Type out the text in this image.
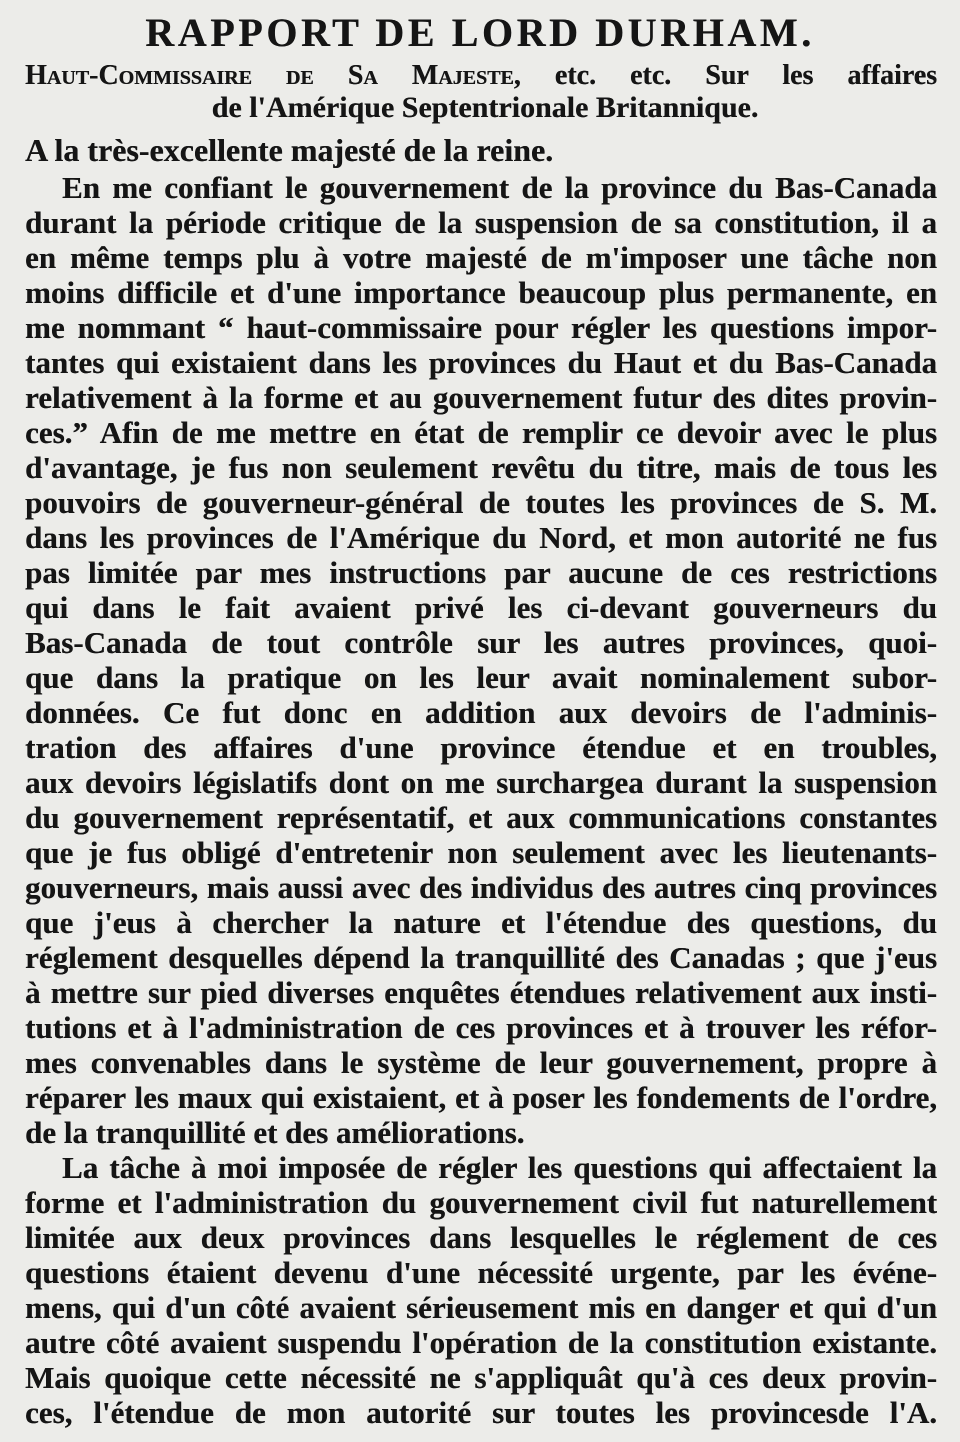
RAPPORT DE LORD DURHAM.
Haut-Commissaire de Sa Majeste, etc. etc. Sur les affaires
de l'Amérique Septentrionale Britannique.
A la très-excellente majesté de la reine.
En me confiant le gouvernement de la province du Bas-Canada
durant la période critique de la suspension de sa constitution, il a
en même temps plu à votre majesté de m'imposer une tâche non
moins difficile et d'une importance beaucoup plus permanente, en
me nommant “ haut-commissaire pour régler les questions impor-
tantes qui existaient dans les provinces du Haut et du Bas-Canada
relativement à la forme et au gouvernement futur des dites provin-
ces.” Afin de me mettre en état de remplir ce devoir avec le plus
d'avantage, je fus non seulement revêtu du titre, mais de tous les
pouvoirs de gouverneur-général de toutes les provinces de S. M.
dans les provinces de l'Amérique du Nord, et mon autorité ne fus
pas limitée par mes instructions par aucune de ces restrictions
qui dans le fait avaient privé les ci-devant gouverneurs du
Bas-Canada de tout contrôle sur les autres provinces, quoi-
que dans la pratique on les leur avait nominalement subor-
données. Ce fut donc en addition aux devoirs de l'adminis-
tration des affaires d'une province étendue et en troubles,
aux devoirs législatifs dont on me surchargea durant la suspension
du gouvernement représentatif, et aux communications constantes
que je fus obligé d'entretenir non seulement avec les lieutenants-
gouverneurs, mais aussi avec des individus des autres cinq provinces
que j'eus à chercher la nature et l'étendue des questions, du
réglement desquelles dépend la tranquillité des Canadas ; que j'eus
à mettre sur pied diverses enquêtes étendues relativement aux insti-
tutions et à l'administration de ces provinces et à trouver les réfor-
mes convenables dans le système de leur gouvernement, propre à
réparer les maux qui existaient, et à poser les fondements de l'ordre,
de la tranquillité et des améliorations.
La tâche à moi imposée de régler les questions qui affectaient la
forme et l'administration du gouvernement civil fut naturellement
limitée aux deux provinces dans lesquelles le réglement de ces
questions étaient devenu d'une nécessité urgente, par les événe-
mens, qui d'un côté avaient sérieusement mis en danger et qui d'un
autre côté avaient suspendu l'opération de la constitution existante.
Mais quoique cette nécessité ne s'appliquât qu'à ces deux provin-
ces, l'étendue de mon autorité sur toutes les provincesde l'A.
